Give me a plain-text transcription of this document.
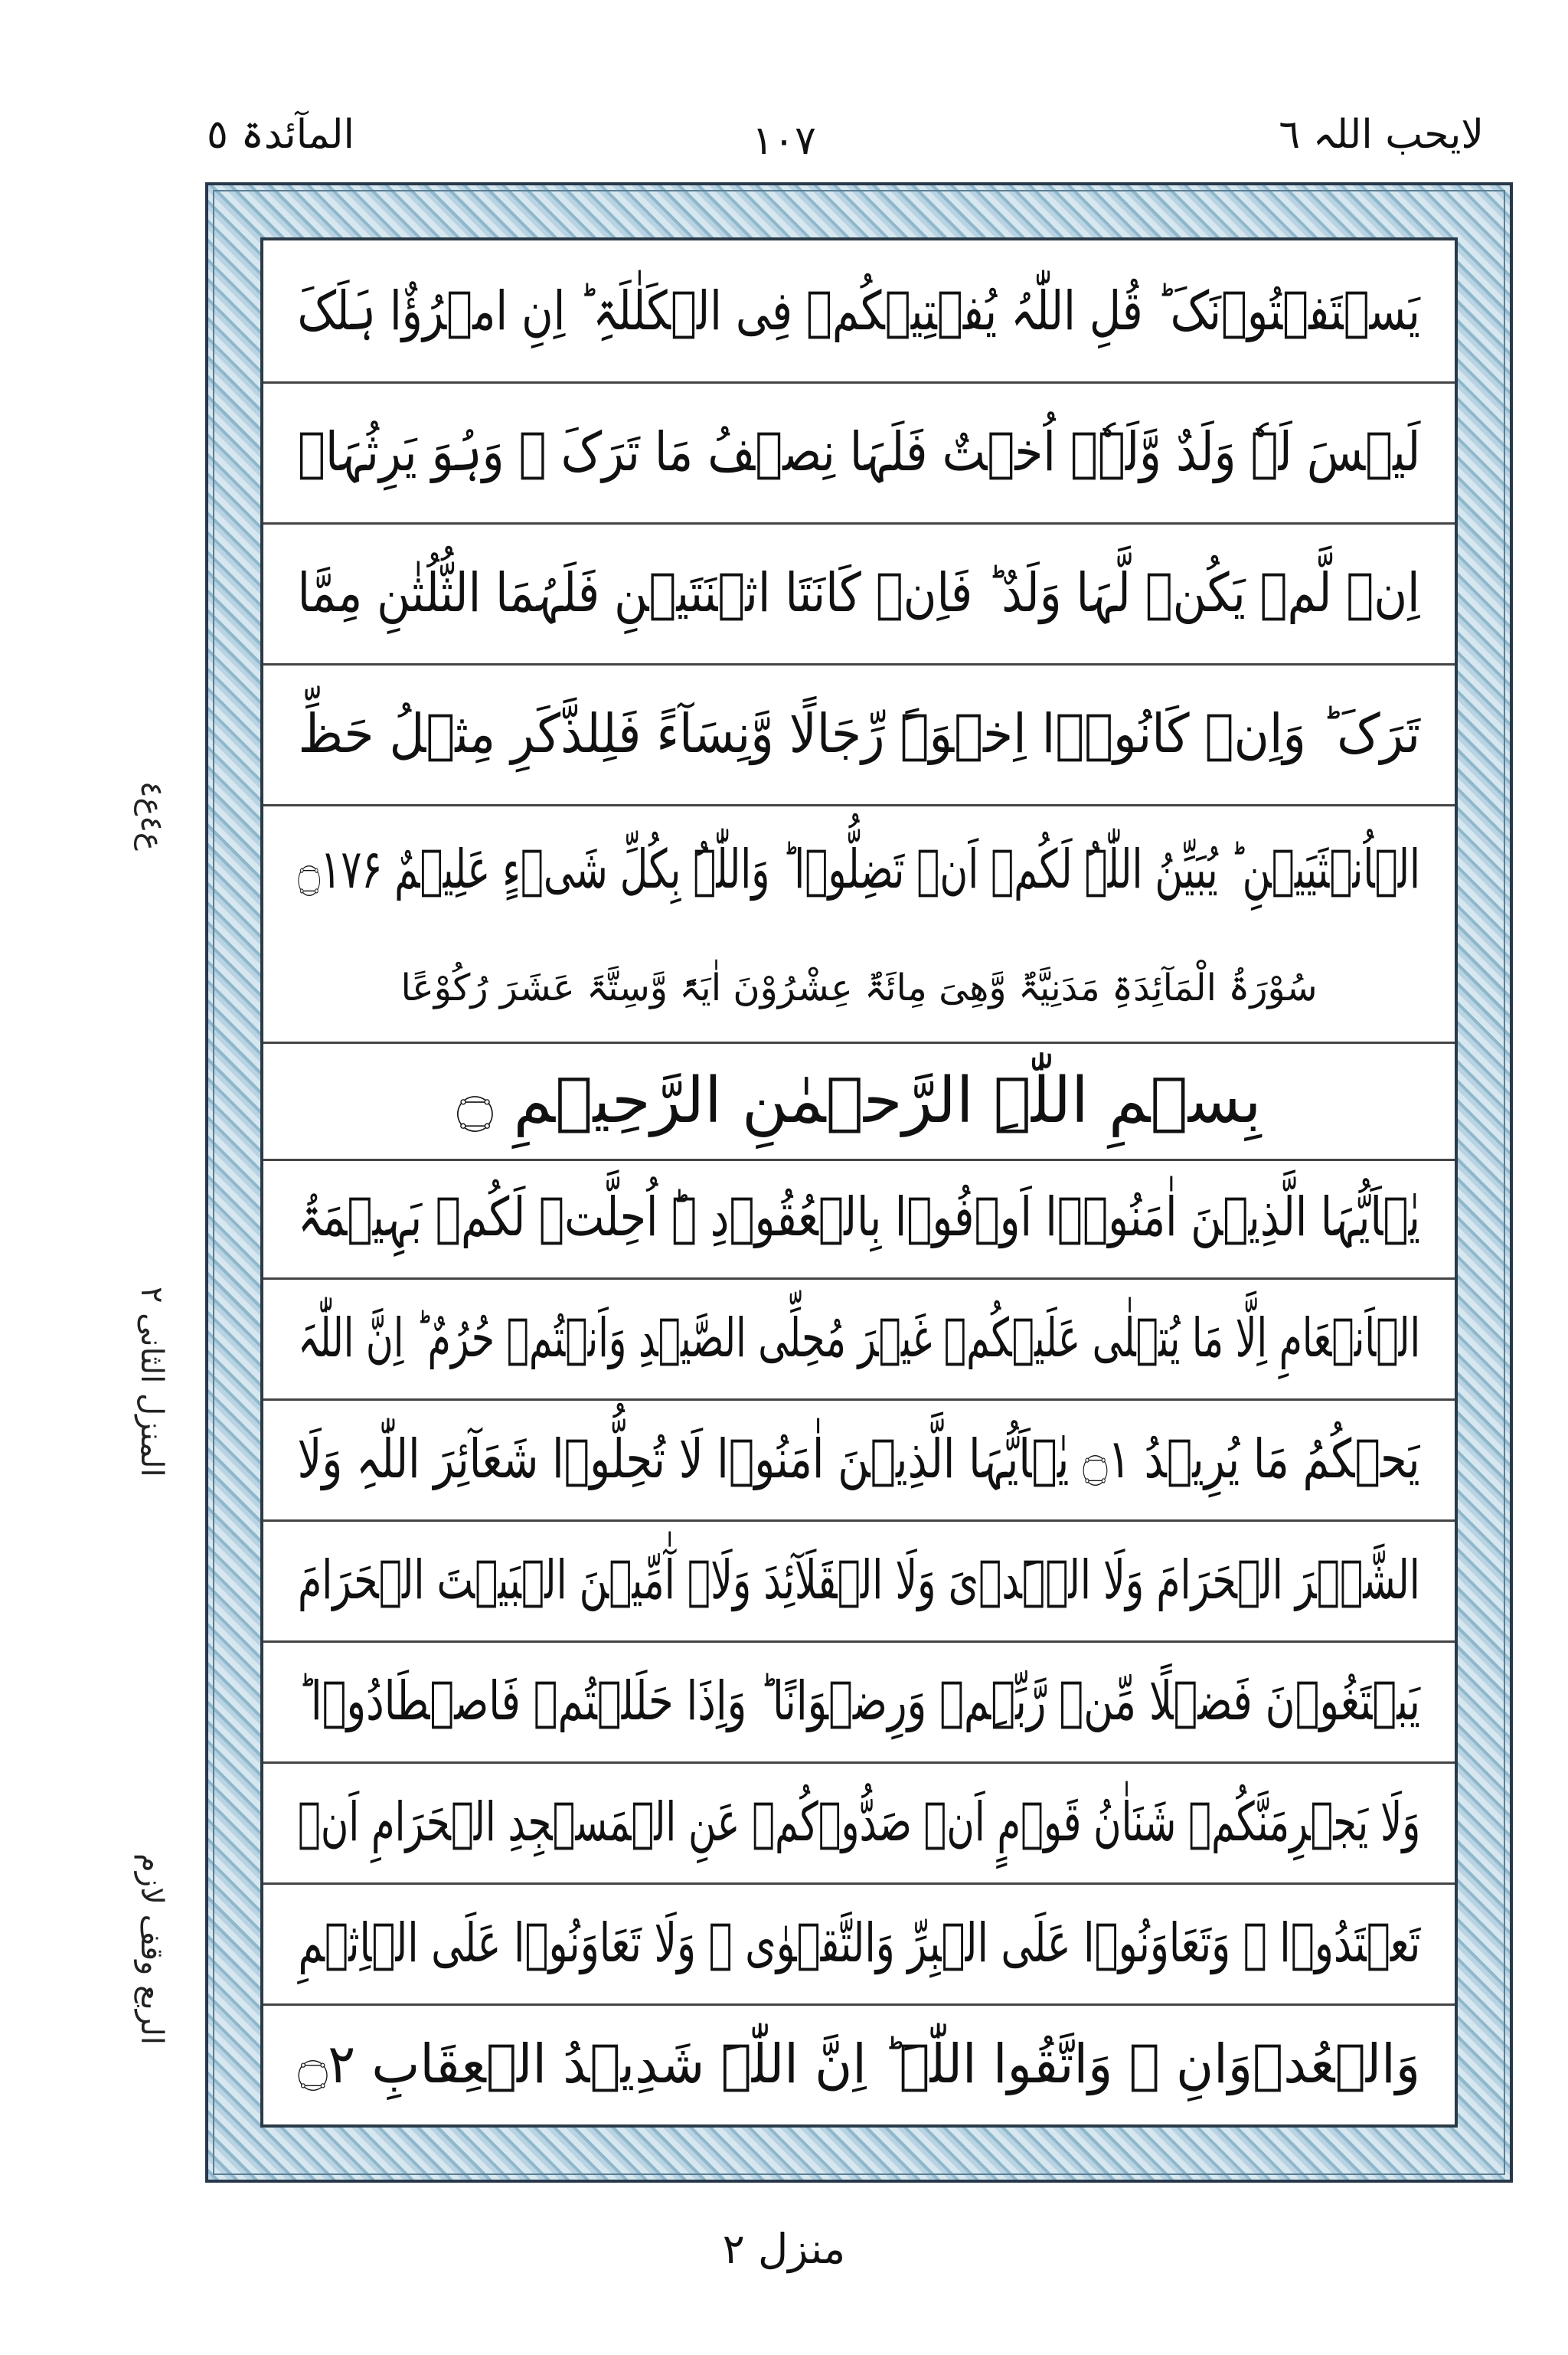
لایحب اللہ ٦
١٠٧
المآئدۃ ٥
ع٤ع٤
المنزل الثانی ۲
الربع وقف لازم
یَسۡتَفۡتُوۡنَکَ ؕ قُلِ اللّٰہُ یُفۡتِیۡکُمۡ فِی الۡکَلٰلَۃِ ؕ اِنِ امۡرُؤٌا ہَلَکَ
لَیۡسَ لَہٗ وَلَدٌ وَّلَہٗۤ اُخۡتٌ فَلَہَا نِصۡفُ مَا تَرَکَ ۚ وَہُوَ یَرِثُہَاۤ
اِنۡ لَّمۡ یَکُنۡ لَّہَا وَلَدٌ ؕ فَاِنۡ کَانَتَا اثۡنَتَیۡنِ فَلَہُمَا الثُّلُثٰنِ مِمَّا
تَرَکَ ؕ وَاِنۡ کَانُوۡۤا اِخۡوَۃً رِّجَالًا وَّنِسَآءً فَلِلذَّکَرِ مِثۡلُ حَظِّ
الۡاُنۡثَیَیۡنِ ؕ یُبَیِّنُ اللّٰہُ لَکُمۡ اَنۡ تَضِلُّوۡا ؕ وَاللّٰہُ بِکُلِّ شَیۡءٍ عَلِیۡمٌ ۝۱۷۶
سُوْرَۃُ الْمَآئِدَۃِ مَدَنِیَّۃٌ وَّھِیَ مِائَۃٌ عِشْرُوْنَ اٰیَۃً وَّسِتَّۃَ عَشَرَ رُکُوْعًا
بِسۡمِ اللّٰہِ الرَّحۡمٰنِ الرَّحِیۡمِ ۝
یٰۤاَیُّہَا الَّذِیۡنَ اٰمَنُوۡۤا اَوۡفُوۡا بِالۡعُقُوۡدِ ۬ؕ اُحِلَّتۡ لَکُمۡ بَہِیۡمَۃُ
الۡاَنۡعَامِ اِلَّا مَا یُتۡلٰی عَلَیۡکُمۡ غَیۡرَ مُحِلِّی الصَّیۡدِ وَاَنۡتُمۡ حُرُمٌ ؕ اِنَّ اللّٰہَ
یَحۡکُمُ مَا یُرِیۡدُ ۝۱ یٰۤاَیُّہَا الَّذِیۡنَ اٰمَنُوۡا لَا تُحِلُّوۡا شَعَآئِرَ اللّٰہِ وَلَا
الشَّہۡرَ الۡحَرَامَ وَلَا الۡہَدۡیَ وَلَا الۡقَلَآئِدَ وَلَاۤ آٰمِّیۡنَ الۡبَیۡتَ الۡحَرَامَ
یَبۡتَغُوۡنَ فَضۡلًا مِّنۡ رَّبِّہِمۡ وَرِضۡوَانًا ؕ وَاِذَا حَلَلۡتُمۡ فَاصۡطَادُوۡا ؕ
وَلَا یَجۡرِمَنَّکُمۡ شَنَاٰنُ قَوۡمٍ اَنۡ صَدُّوۡکُمۡ عَنِ الۡمَسۡجِدِ الۡحَرَامِ اَنۡ
تَعۡتَدُوۡا ۘ وَتَعَاوَنُوۡا عَلَی الۡبِرِّ وَالتَّقۡوٰی ۪ وَلَا تَعَاوَنُوۡا عَلَی الۡاِثۡمِ
وَالۡعُدۡوَانِ ۪ وَاتَّقُوا اللّٰہَ ؕ اِنَّ اللّٰہَ شَدِیۡدُ الۡعِقَابِ ۝۲
منزل ۲
